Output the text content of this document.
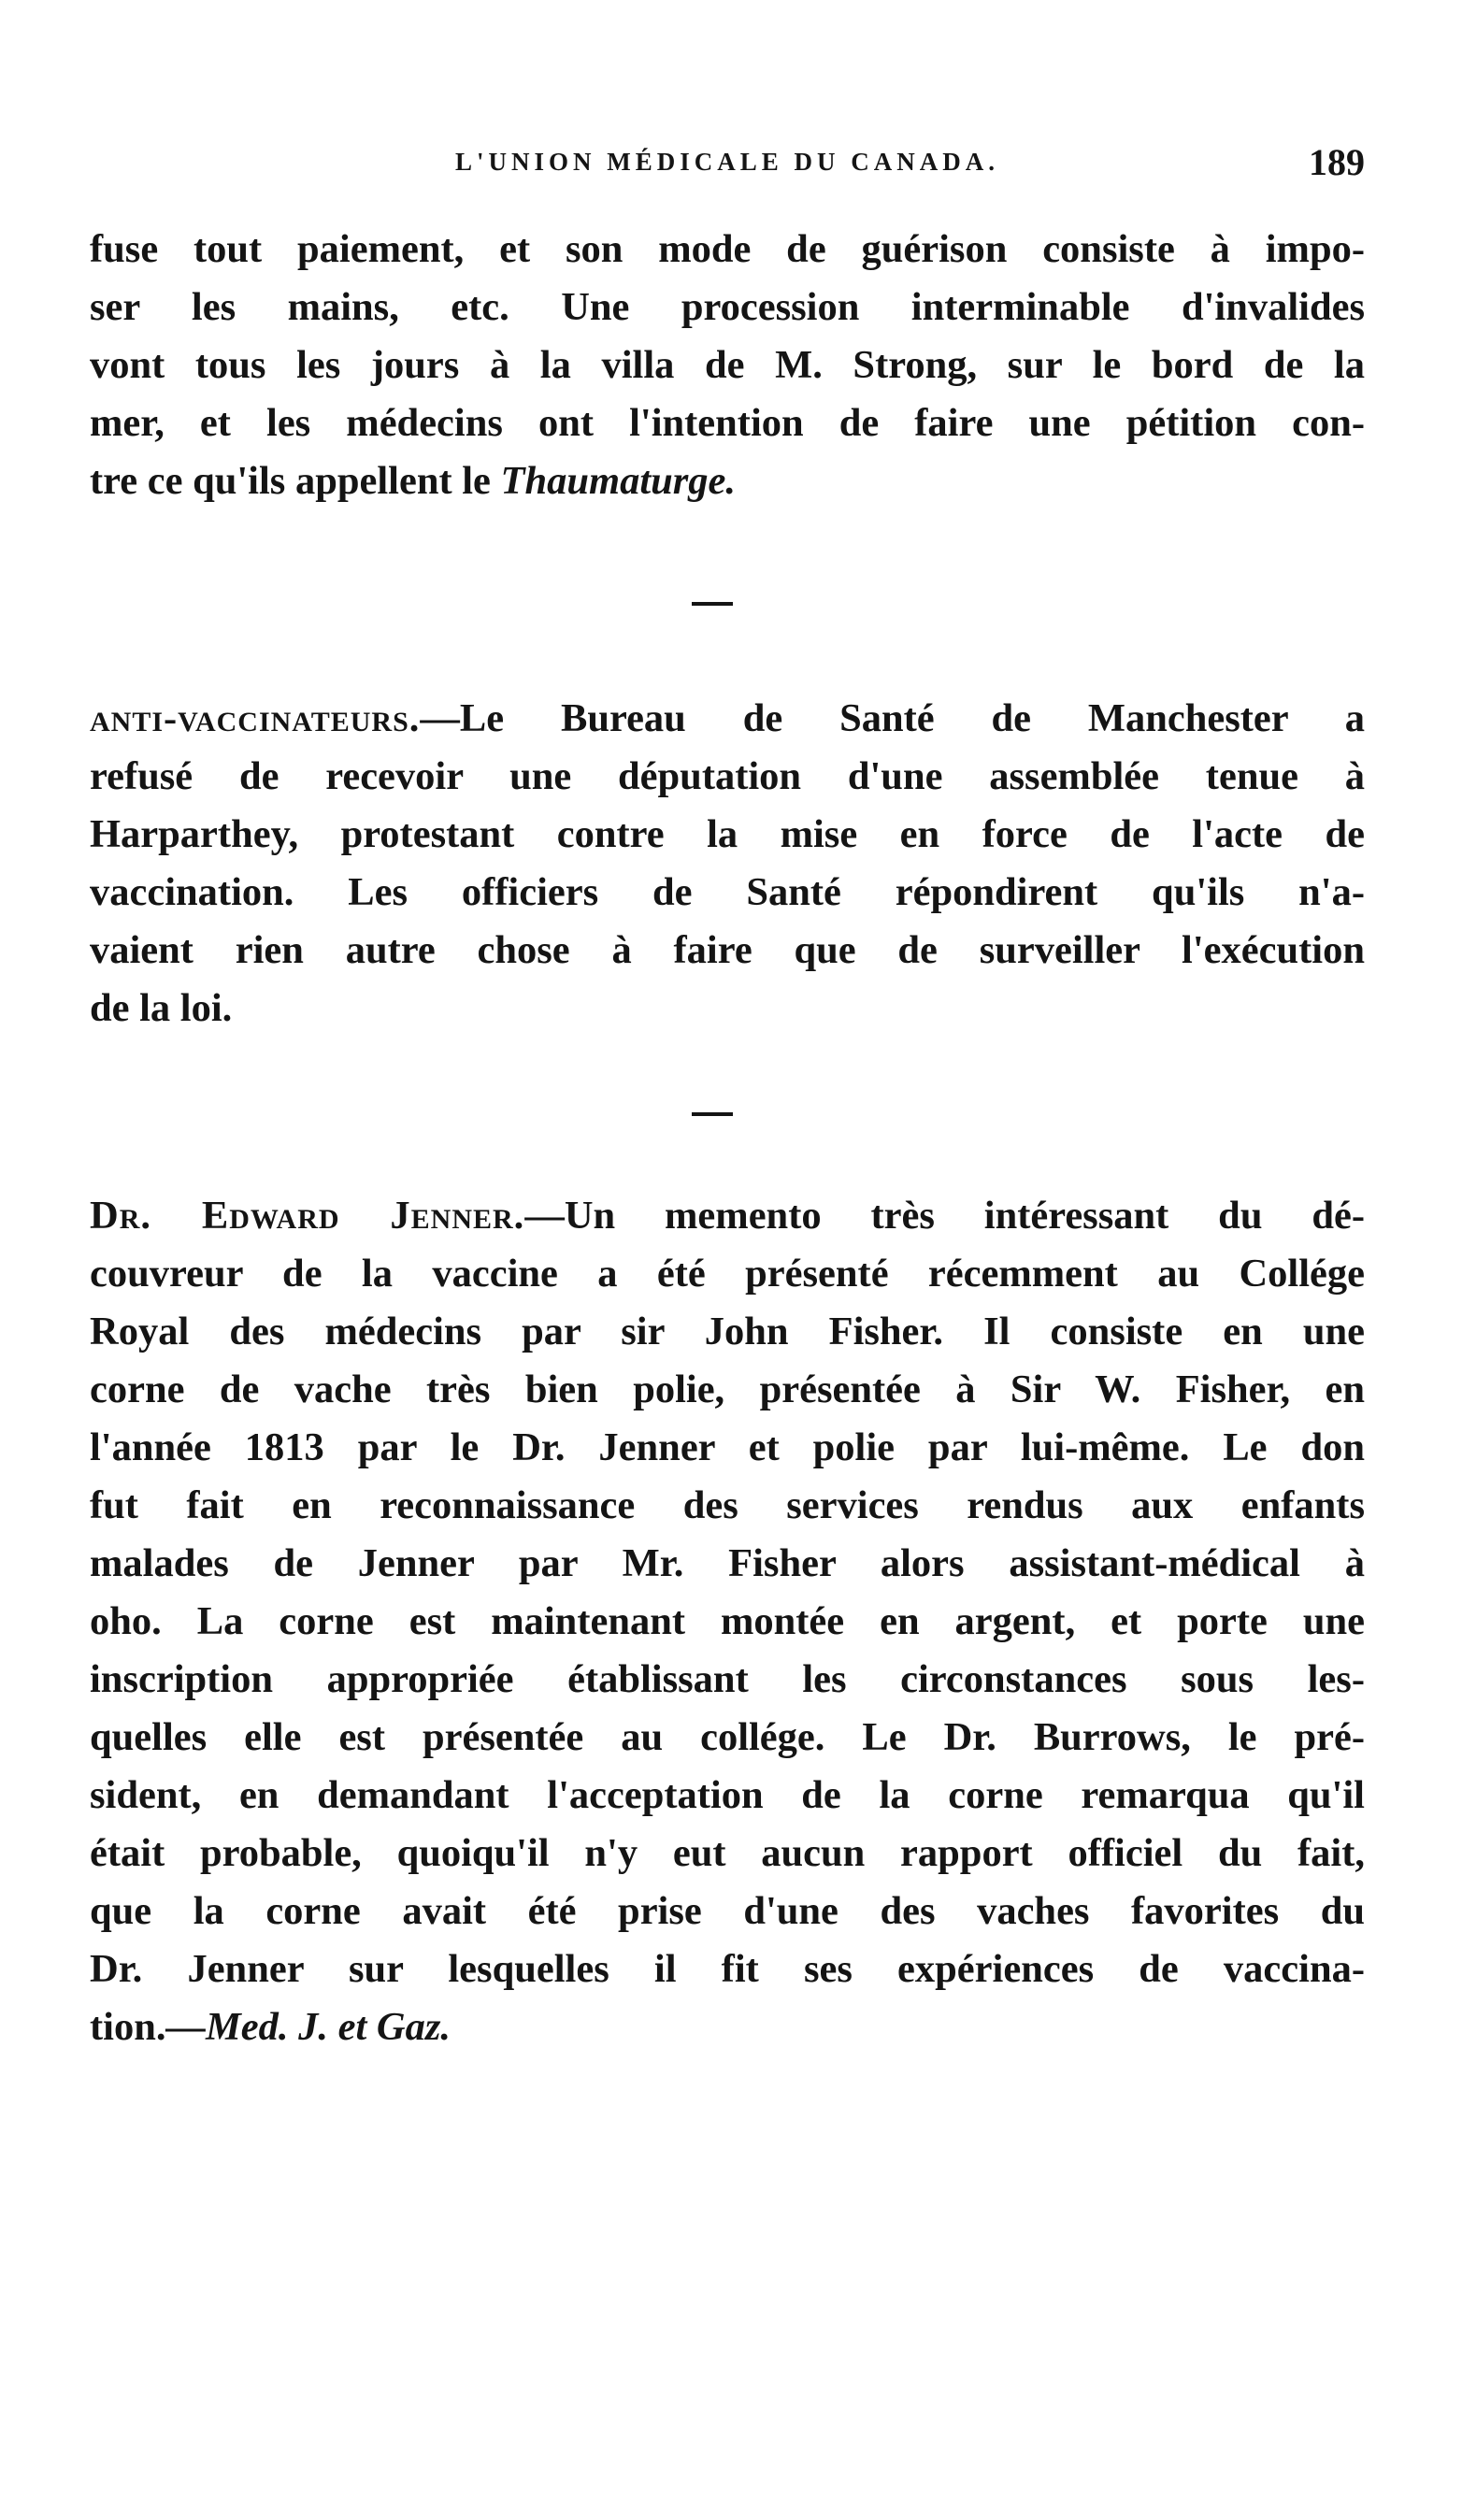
L'UNION MÉDICALE DU CANADA.	189
fuse tout paiement, et son mode de guérison consiste à impo-
ser les mains, etc. Une procession interminable d'invalides
vont tous les jours à la villa de M. Strong, sur le bord de la
mer, et les médecins ont l'intention de faire une pétition con-
tre ce qu'ils appellent le Thaumaturge.
anti-vaccinateurs.—Le Bureau de Santé de Manchester a
refusé de recevoir une députation d'une assemblée tenue à
Harparthey, protestant contre la mise en force de l'acte de
vaccination. Les officiers de Santé répondirent qu'ils n'a-
vaient rien autre chose à faire que de surveiller l'exécution
de la loi.
Dr. Edward Jenner.—Un memento très intéressant du dé-
couvreur de la vaccine a été présenté récemment au Collége
Royal des médecins par sir John Fisher. Il consiste en une
corne de vache très bien polie, présentée à Sir W. Fisher, en
l'année 1813 par le Dr. Jenner et polie par lui-même. Le don
fut fait en reconnaissance des services rendus aux enfants
malades de Jenner par Mr. Fisher alors assistant-médical à
oho. La corne est maintenant montée en argent, et porte une
inscription appropriée établissant les circonstances sous les-
quelles elle est présentée au collége. Le Dr. Burrows, le pré-
sident, en demandant l'acceptation de la corne remarqua qu'il
était probable, quoiqu'il n'y eut aucun rapport officiel du fait,
que la corne avait été prise d'une des vaches favorites du
Dr. Jenner sur lesquelles il fit ses expériences de vaccina-
tion.—Med. J. et Gaz.
